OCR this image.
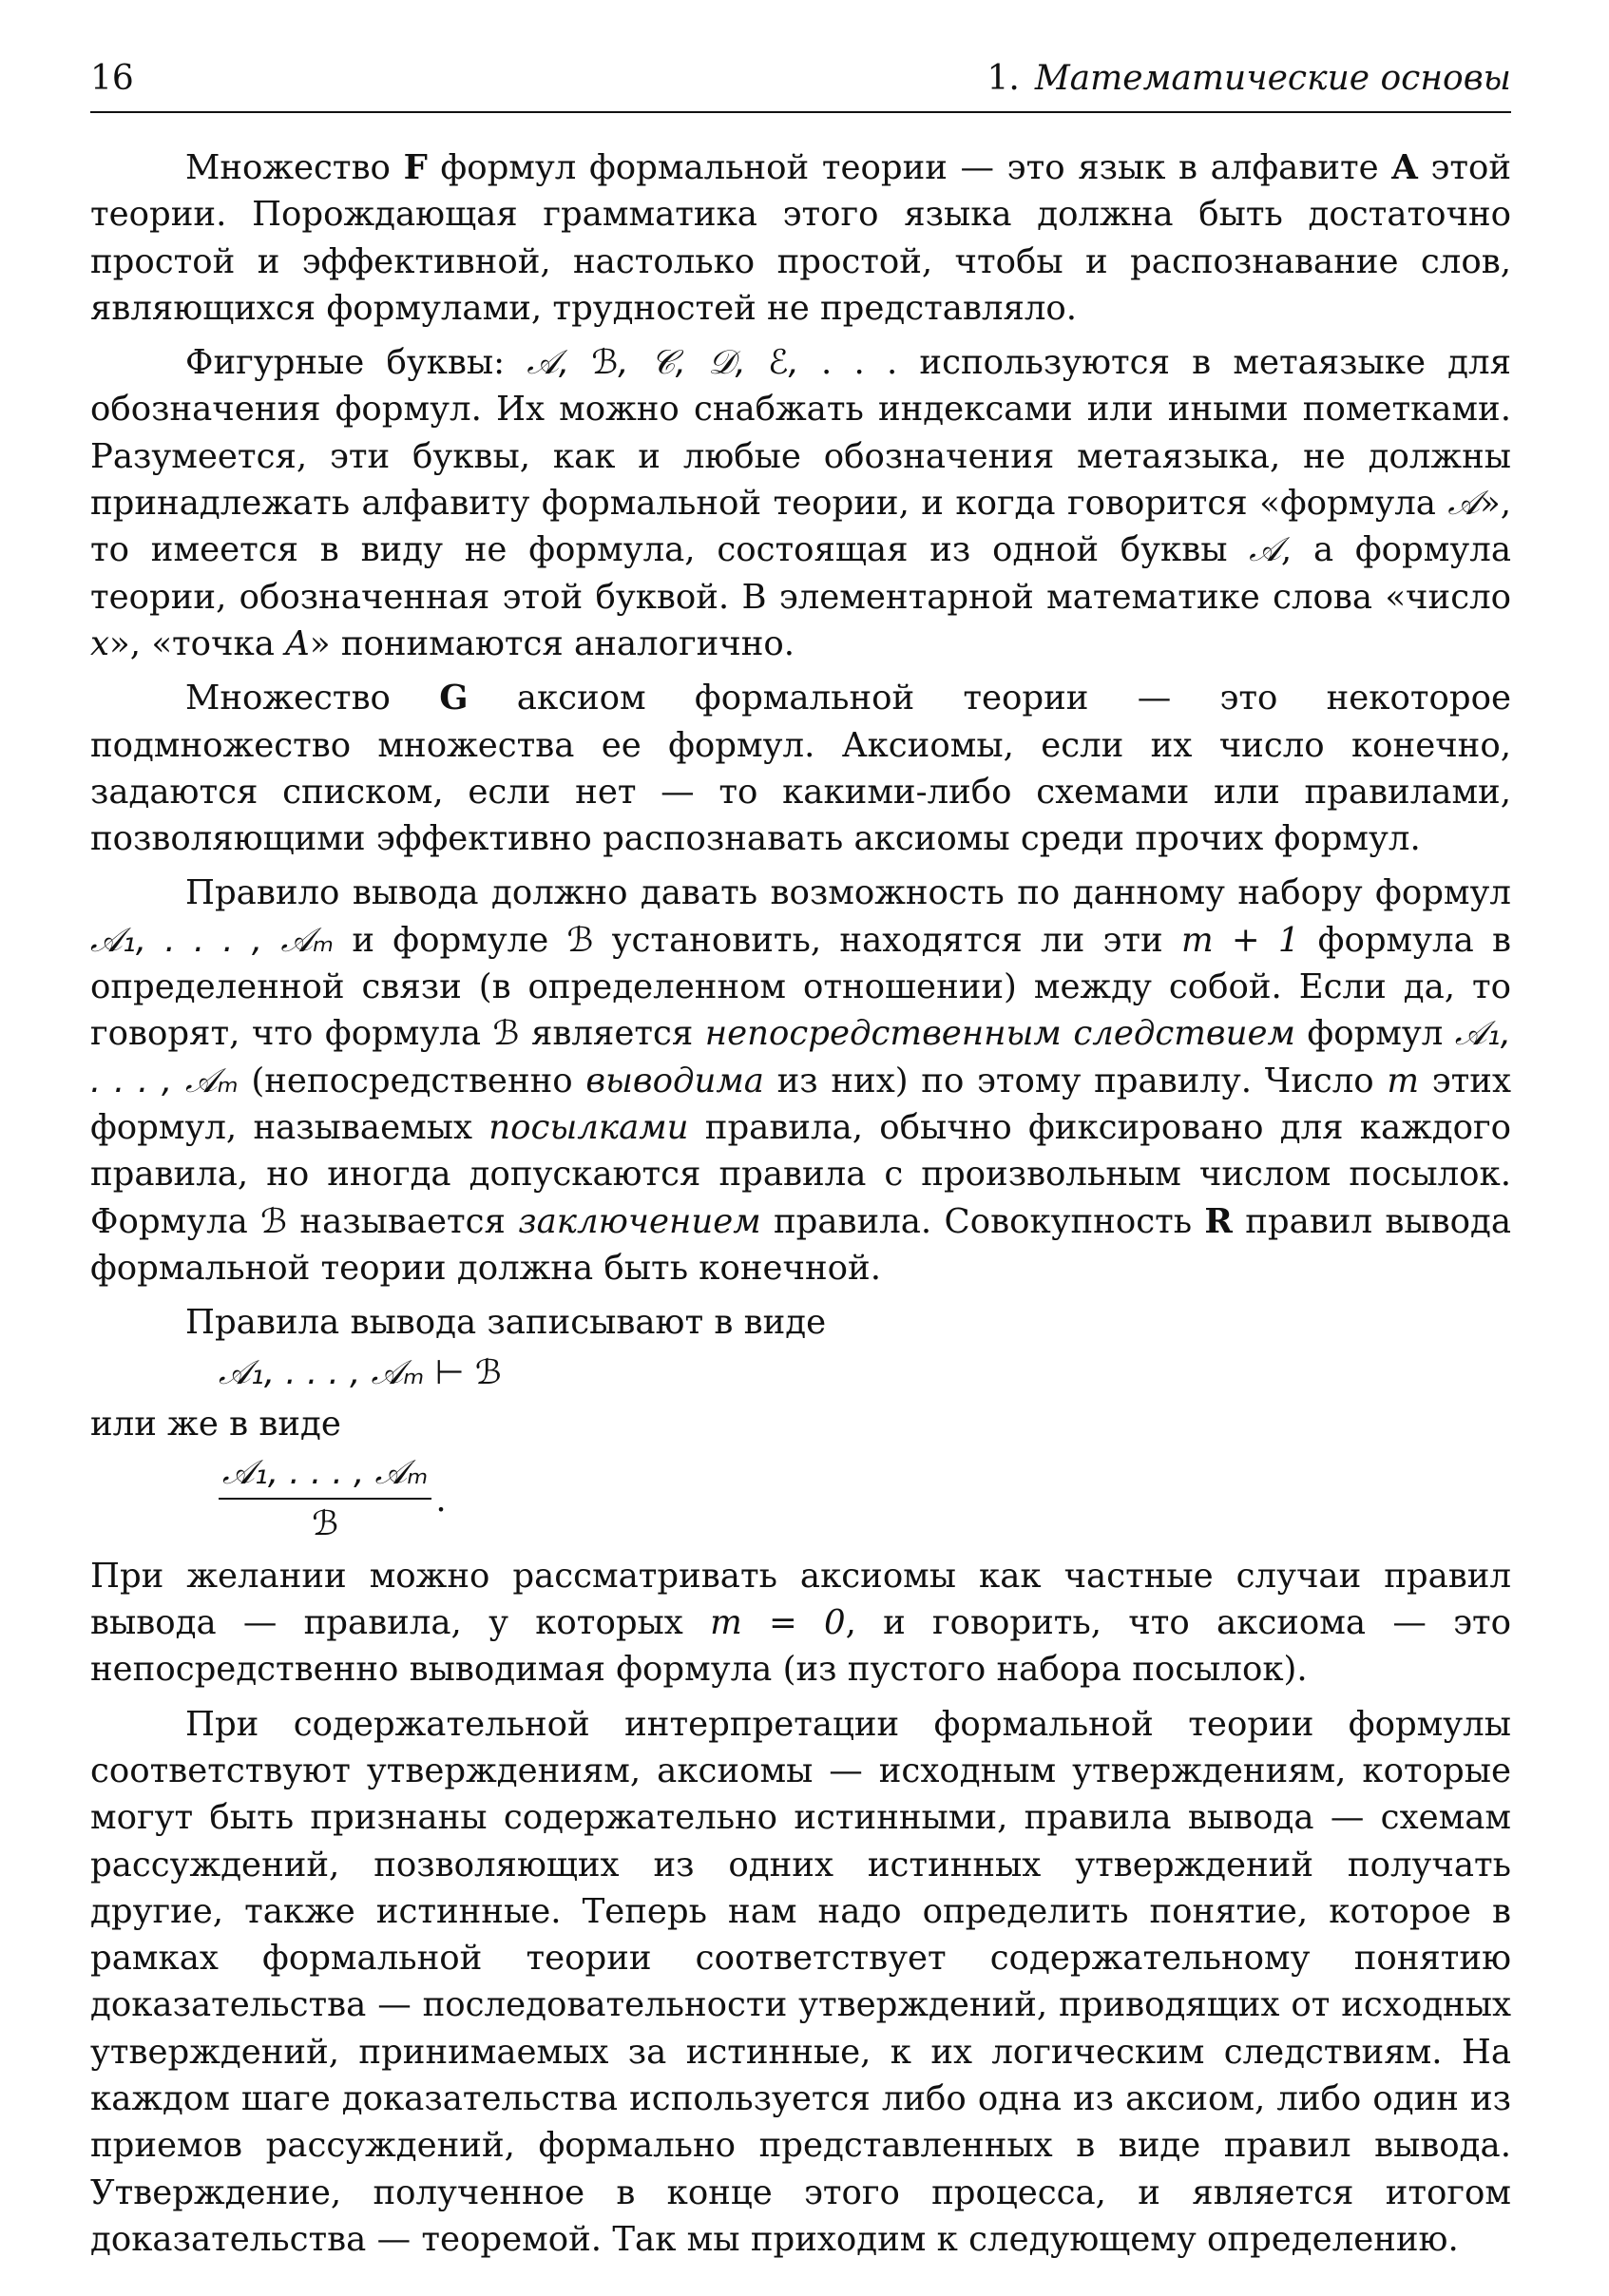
16	1. Математические основы

Множество F формул формальной теории — это язык в алфавите A этой теории. Порождающая грамматика этого языка должна быть достаточно простой и эффективной, настолько простой, чтобы и распознавание слов, являющихся формулами, трудностей не представляло.

Фигурные буквы: 𝒜, ℬ, 𝒞, 𝒟, ℰ, . . . используются в метаязыке для обозначения формул. Их можно снабжать индексами или иными пометками. Разумеется, эти буквы, как и любые обозначения метаязыка, не должны принадлежать алфавиту формальной теории, и когда говорится «формула 𝒜», то имеется в виду не формула, состоящая из одной буквы 𝒜, а формула теории, обозначенная этой буквой. В элементарной математике слова «число x», «точка A» понимаются аналогично.

Множество G аксиом формальной теории — это некоторое подмножество множества ее формул. Аксиомы, если их число конечно, задаются списком, если нет — то какими-либо схемами или правилами, позволяющими эффективно распознавать аксиомы среди прочих формул.

Правило вывода должно давать возможность по данному набору формул 𝒜₁, . . . , 𝒜ₘ и формуле ℬ установить, находятся ли эти m + 1 формула в определенной связи (в определенном отношении) между собой. Если да, то говорят, что формула ℬ является непосредственным следствием формул 𝒜₁, . . . , 𝒜ₘ (непосредственно выводима из них) по этому правилу. Число m этих формул, называемых посылками правила, обычно фиксировано для каждого правила, но иногда допускаются правила с произвольным числом посылок. Формула ℬ называется заключением правила. Совокупность R правил вывода формальной теории должна быть конечной.

Правила вывода записывают в виде

𝒜₁, . . . , 𝒜ₘ ⊢ ℬ

или же в виде

$\frac{\text{𝒜₁, . . . , 𝒜ₘ}}{\text{ℬ}}$ .

При желании можно рассматривать аксиомы как частные случаи правил вывода — правила, у которых m = 0, и говорить, что аксиома — это непосредственно выводимая формула (из пустого набора посылок).

При содержательной интерпретации формальной теории формулы соответствуют утверждениям, аксиомы — исходным утверждениям, которые могут быть признаны содержательно истинными, правила вывода — схемам рассуждений, позволяющих из одних истинных утверждений получать другие, также истинные. Теперь нам надо определить понятие, которое в рамках формальной теории соответствует содержательному понятию доказательства — последовательности утверждений, приводящих от исходных утверждений, принимаемых за истинные, к их логическим следствиям. На каждом шаге доказательства используется либо одна из аксиом, либо один из приемов рассуждений, формально представленных в виде правил вывода. Утверждение, полученное в конце этого процесса, и является итогом доказательства — теоремой. Так мы приходим к следующему определению.
